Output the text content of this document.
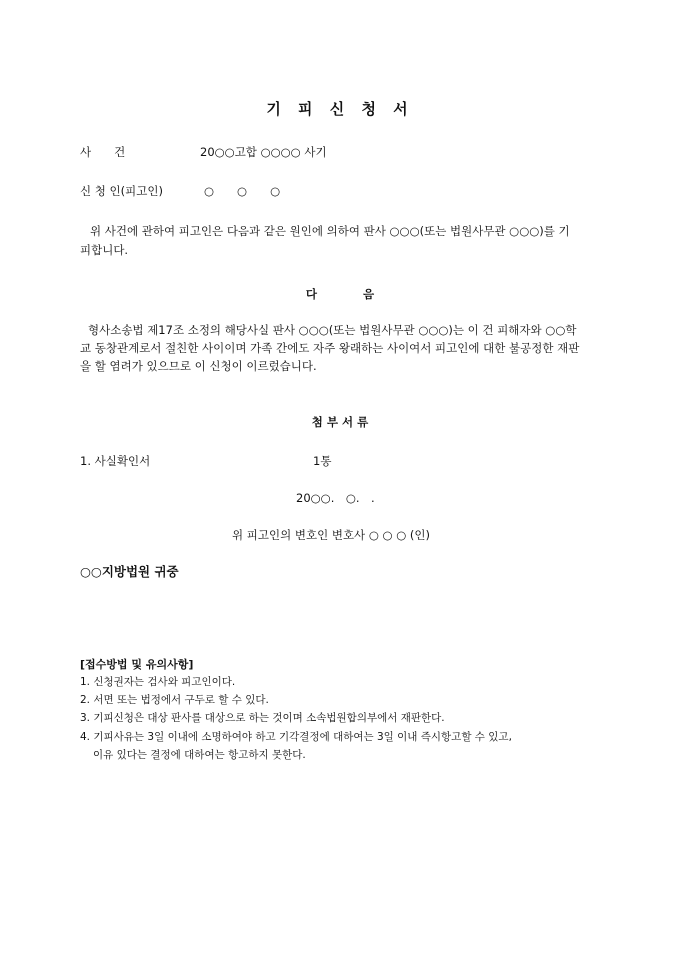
기 피 신 청 서
사　　건	20○○고합 ○○○○ 사기
신 청 인(피고인)	○　　○　　○
위 사건에 관하여 피고인은 다음과 같은 원인에 의하여 판사 ○○○(또는 법원사무관 ○○○)를 기피합니다.
다　　　　음
형사소송법 제17조 소정의 해당사실 판사 ○○○(또는 법원사무관 ○○○)는 이 건 피해자와 ○○학교 동창관계로서 절친한 사이이며 가족 간에도 자주 왕래하는 사이여서 피고인에 대한 불공정한 재판을 할 염려가 있으므로 이 신청이 이르렀습니다.
첨 부 서 류
1. 사실확인서	1통
20○○.　○.　.
위 피고인의 변호인 변호사 ○ ○ ○ (인)
○○지방법원 귀중
[접수방법 및 유의사항]
1. 신청권자는 검사와 피고인이다.
2. 서면 또는 법정에서 구두로 할 수 있다.
3. 기피신청은 대상 판사를 대상으로 하는 것이며 소속법원합의부에서 재판한다.
4. 기피사유는 3일 이내에 소명하여야 하고 기각결정에 대하여는 3일 이내 즉시항고할 수 있고,
이유 있다는 결정에 대하여는 항고하지 못한다.
